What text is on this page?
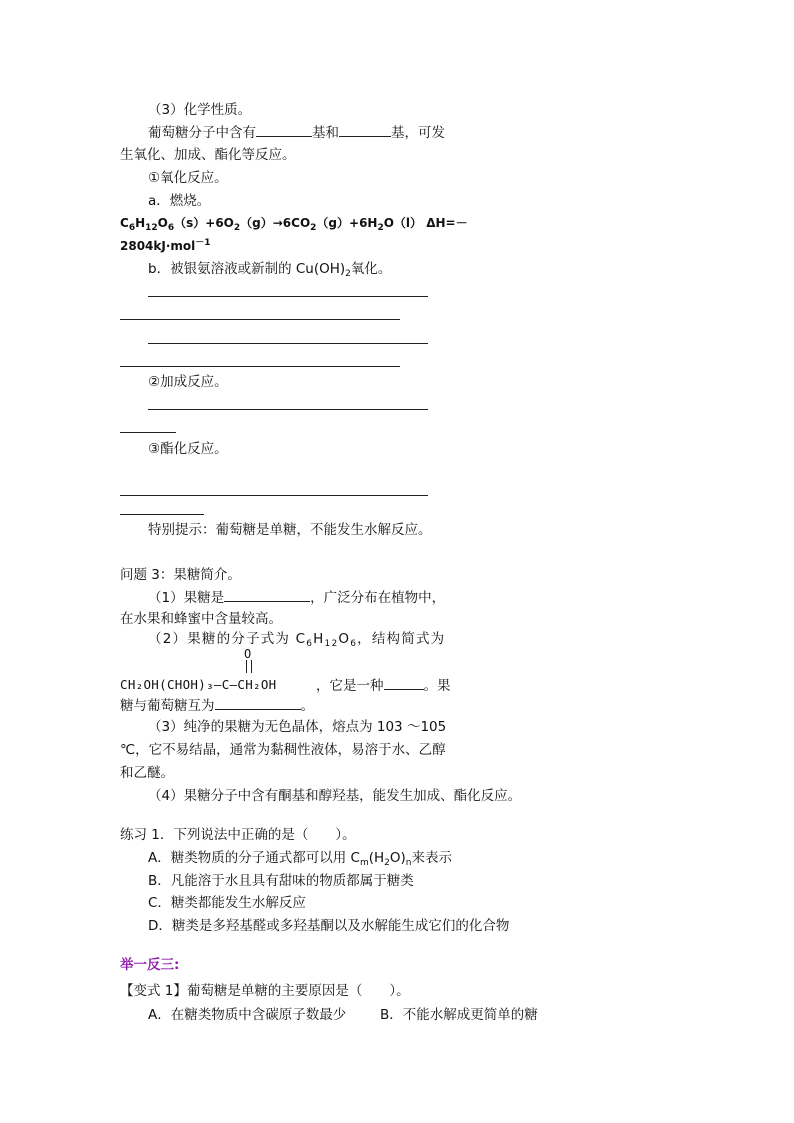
（3）化学性质。
葡萄糖分子中含有	基和	基，可发
生氧化、加成、酯化等反应。
①氧化反应。
a．燃烧。
$C_6H_{12}O_6(s)+6O_2(g)\to 6CO_2(g)+6H_2O(l)$ ΔH=－
2804kJ·mol$^{-1}$
b．被银氨溶液或新制的 $Cu(OH)_2$氧化。
②加成反应。
③酯化反应。
特别提示：葡萄糖是单糖，不能发生水解反应。
问题 3：果糖简介。
（1）果糖是	，广泛分布在植物中，
在水果和蜂蜜中含量较高。
（2）果糖的分子式为 $C_6H_{12}O_6$，结构简式为
O
CH₂OH(CHOH)₃—C—CH₂OH	，它是一种	。果
糖与葡萄糖互为	。
（3）纯净的果糖为无色晶体，熔点为 103 ～105
℃，它不易结晶，通常为黏稠性液体，易溶于水、乙醇
和乙醚。
（4）果糖分子中含有酮基和醇羟基，能发生加成、酯化反应。
练习 1．下列说法中正确的是（　　）。
A．糖类物质的分子通式都可以用 $C_m(H_2O)_n$来表示
B．凡能溶于水且具有甜味的物质都属于糖类
C．糖类都能发生水解反应
D．糖类是多羟基醛或多羟基酮以及水解能生成它们的化合物
举一反三:
【变式 1】葡萄糖是单糖的主要原因是（　　）。
A．在糖类物质中含碳原子数最少	B．不能水解成更简单的糖
